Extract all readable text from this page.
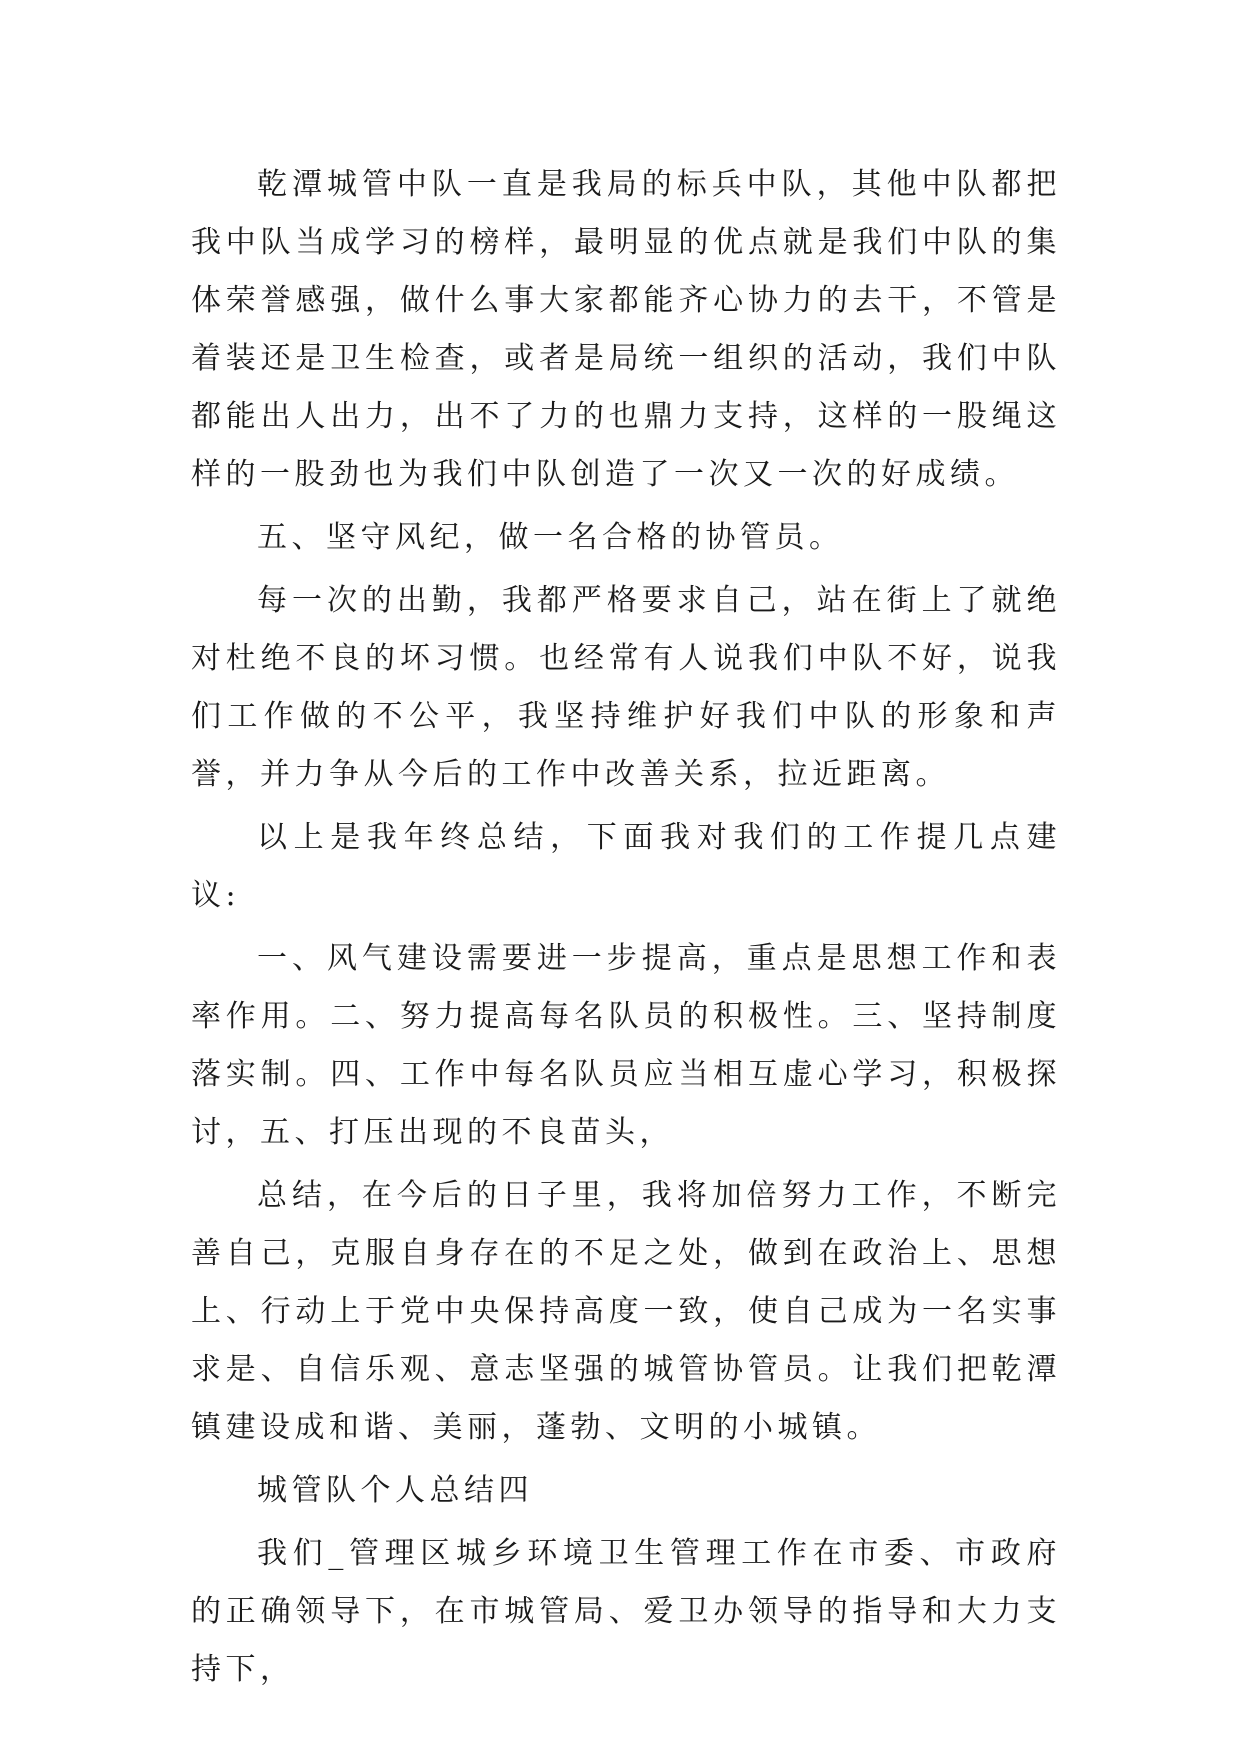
乾潭城管中队一直是我局的标兵中队，其他中队都把我中队当成学习的榜样，最明显的优点就是我们中队的集体荣誉感强，做什么事大家都能齐心协力的去干，不管是着装还是卫生检查，或者是局统一组织的活动，我们中队都能出人出力，出不了力的也鼎力支持，这样的一股绳这样的一股劲也为我们中队创造了一次又一次的好成绩。

五、坚守风纪，做一名合格的协管员。

每一次的出勤，我都严格要求自己，站在街上了就绝对杜绝不良的坏习惯。也经常有人说我们中队不好，说我们工作做的不公平，我坚持维护好我们中队的形象和声誉，并力争从今后的工作中改善关系，拉近距离。

以上是我年终总结，下面我对我们的工作提几点建议:

一、风气建设需要进一步提高，重点是思想工作和表率作用。二、努力提高每名队员的积极性。三、坚持制度落实制。四、工作中每名队员应当相互虚心学习，积极探讨，五、打压出现的不良苗头，

总结，在今后的日子里，我将加倍努力工作，不断完善自己，克服自身存在的不足之处，做到在政治上、思想上、行动上于党中央保持高度一致，使自己成为一名实事求是、自信乐观、意志坚强的城管协管员。让我们把乾潭镇建设成和谐、美丽，蓬勃、文明的小城镇。

城管队个人总结四

我们_管理区城乡环境卫生管理工作在市委、市政府的正确领导下，在市城管局、爱卫办领导的指导和大力支持下，
